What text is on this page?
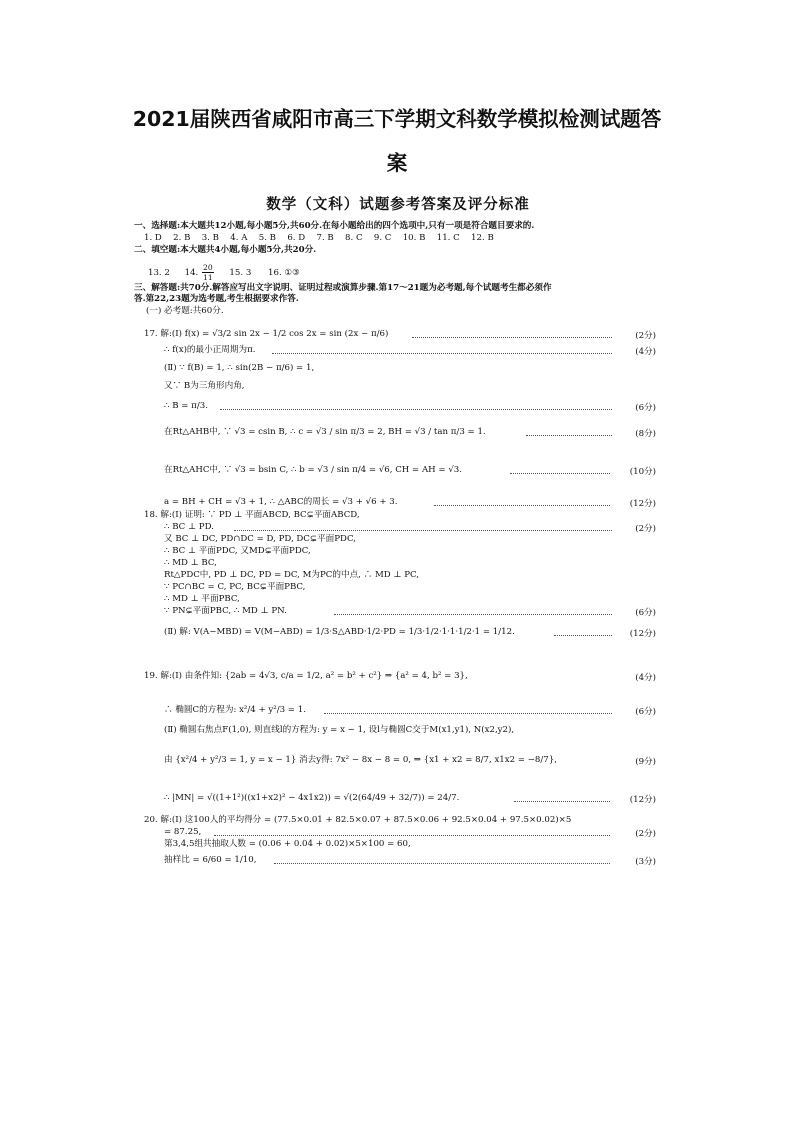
2021届陕西省咸阳市高三下学期文科数学模拟检测试题答
案
数学（文科）试题参考答案及评分标准
一、选择题:本大题共12小题,每小题5分,共60分.在每小题给出的四个选项中,只有一项是符合题目要求的.
1. D　 2. B　 3. B　 4. A　 5. B　 6. D　 7. B　 8. C　 9. C　 10. B　 11. C　 12. B
二、填空题:本大题共4小题,每小题5分,共20分.
13. 2 14. $\frac{20}{11} 15$. 3 16. ①③
三、解答题:共70分.解答应写出文字说明、证明过程或演算步骤.第17～21题为必考题,每个试题考生都必须作
答.第22,23题为选考题,考生根据要求作答.
(一) 必考题:共60分.
17. 解:(Ⅰ) f(x) = √3/2 sin 2x − 1/2 cos 2x = sin (2x − π/6)	(2分)
∴ f(x)的最小正周期为π.	(4分)
(Ⅱ) ∵ f(B) = 1, ∴ sin(2B − π/6) = 1,
又∵ B为三角形内角,
∴ B = π/3.	(6分)
在Rt△AHB中, ∵ √3 = csin B, ∴ c = √3 / sin π/3 = 2, BH = √3 / tan π/3 = 1.	(8分)
在Rt△AHC中, ∵ √3 = bsin C, ∴ b = √3 / sin π/4 = √6, CH = AH = √3.	(10分)
a = BH + CH = √3 + 1, ∴ △ABC的周长 = √3 + √6 + 3.	(12分)
18. 解:(Ⅰ) 证明: ∵ PD ⊥ 平面ABCD, BC⊊平面ABCD,
∴ BC ⊥ PD.	(2分)
又 BC ⊥ DC, PD∩DC = D, PD, DC⊊平面PDC,
∴ BC ⊥ 平面PDC, 又MD⊊平面PDC,
∴ MD ⊥ BC,
Rt△PDC中, PD ⊥ DC, PD = DC, M为PC的中点, ∴ MD ⊥ PC,
∵ PC∩BC = C, PC, BC⊊平面PBC,
∴ MD ⊥ 平面PBC,
∵ PN⊊平面PBC, ∴ MD ⊥ PN.	(6分)
(Ⅱ) 解: V(A−MBD) = V(M−ABD) = 1/3·S△ABD·1/2·PD = 1/3·1/2·1·1·1/2·1 = 1/12.	(12分)
19. 解:(Ⅰ) 由条件知: {2ab = 4√3, c/a = 1/2, a² = b² + c²} ⇒ {a² = 4, b² = 3},	(4分)
∴ 椭圆C的方程为: x²/4 + y²/3 = 1.	(6分)
(Ⅱ) 椭圆右焦点F(1,0), 则直线l的方程为: y = x − 1, 设l与椭圆C交于M(x1,y1), N(x2,y2),
由 {x²/4 + y²/3 = 1, y = x − 1} 消去y得: 7x² − 8x − 8 = 0, ⇒ {x1 + x2 = 8/7, x1x2 = −8/7},	(9分)
∴ |MN| = √((1+1²)((x1+x2)² − 4x1x2)) = √(2(64/49 + 32/7)) = 24/7.	(12分)
20. 解:(Ⅰ) 这100人的平均得分 = (77.5×0.01 + 82.5×0.07 + 87.5×0.06 + 92.5×0.04 + 97.5×0.02)×5
= 87.25,	(2分)
第3,4,5组共抽取人数 = (0.06 + 0.04 + 0.02)×5×100 = 60,
抽样比 = 6/60 = 1/10,	(3分)
